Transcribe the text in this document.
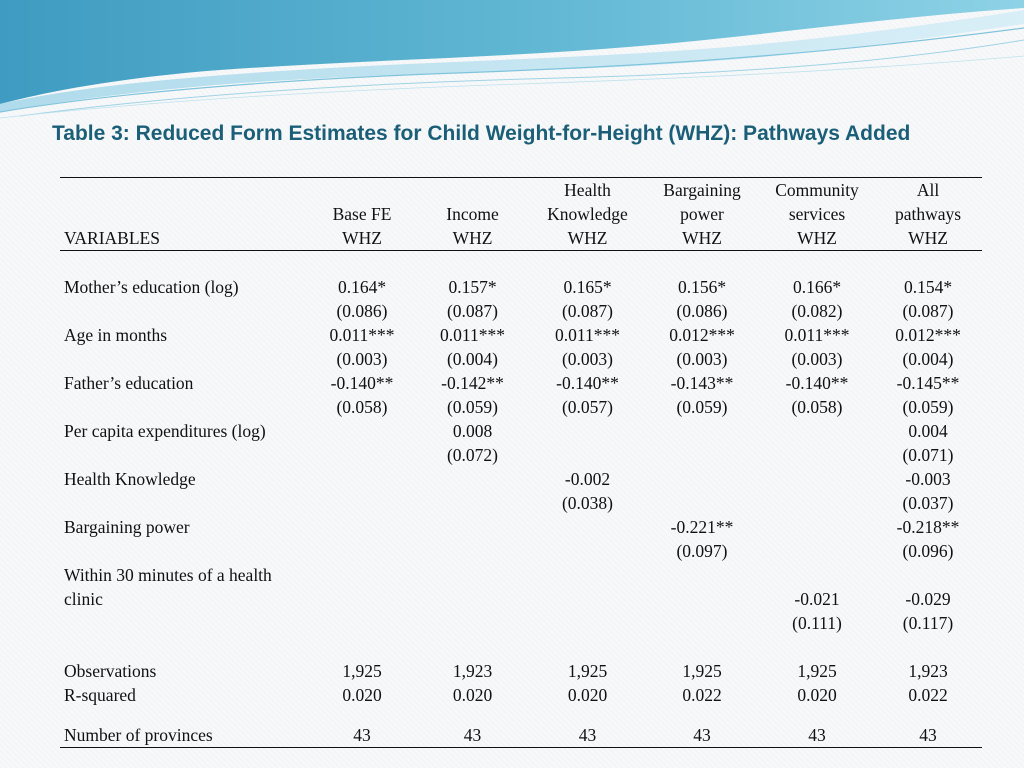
Table 3: Reduced Form Estimates for Child Weight-for-Height (WHZ): Pathways Added
			Health	Bargaining	Community	All
	Base FE	Income	Knowledge	power	services	pathways
VARIABLES	WHZ	WHZ	WHZ	WHZ	WHZ	WHZ

Mother’s education (log)	0.164*	0.157*	0.165*	0.156*	0.166*	0.154*
	(0.086)	(0.087)	(0.087)	(0.086)	(0.082)	(0.087)
Age in months	0.011***	0.011***	0.011***	0.012***	0.011***	0.012***
	(0.003)	(0.004)	(0.003)	(0.003)	(0.003)	(0.004)
Father’s education	-0.140**	-0.142**	-0.140**	-0.143**	-0.140**	-0.145**
	(0.058)	(0.059)	(0.057)	(0.059)	(0.058)	(0.059)
Per capita expenditures (log)		0.008				0.004
		(0.072)				(0.071)
Health Knowledge			-0.002			-0.003
			(0.038)			(0.037)
Bargaining power				-0.221**		-0.218**
				(0.097)		(0.096)
Within 30 minutes of a health						
clinic					-0.021	-0.029
					(0.111)	(0.117)

Observations	1,925	1,923	1,925	1,925	1,925	1,923
R-squared	0.020	0.020	0.020	0.022	0.020	0.022

Number of provinces	43	43	43	43	43	43
